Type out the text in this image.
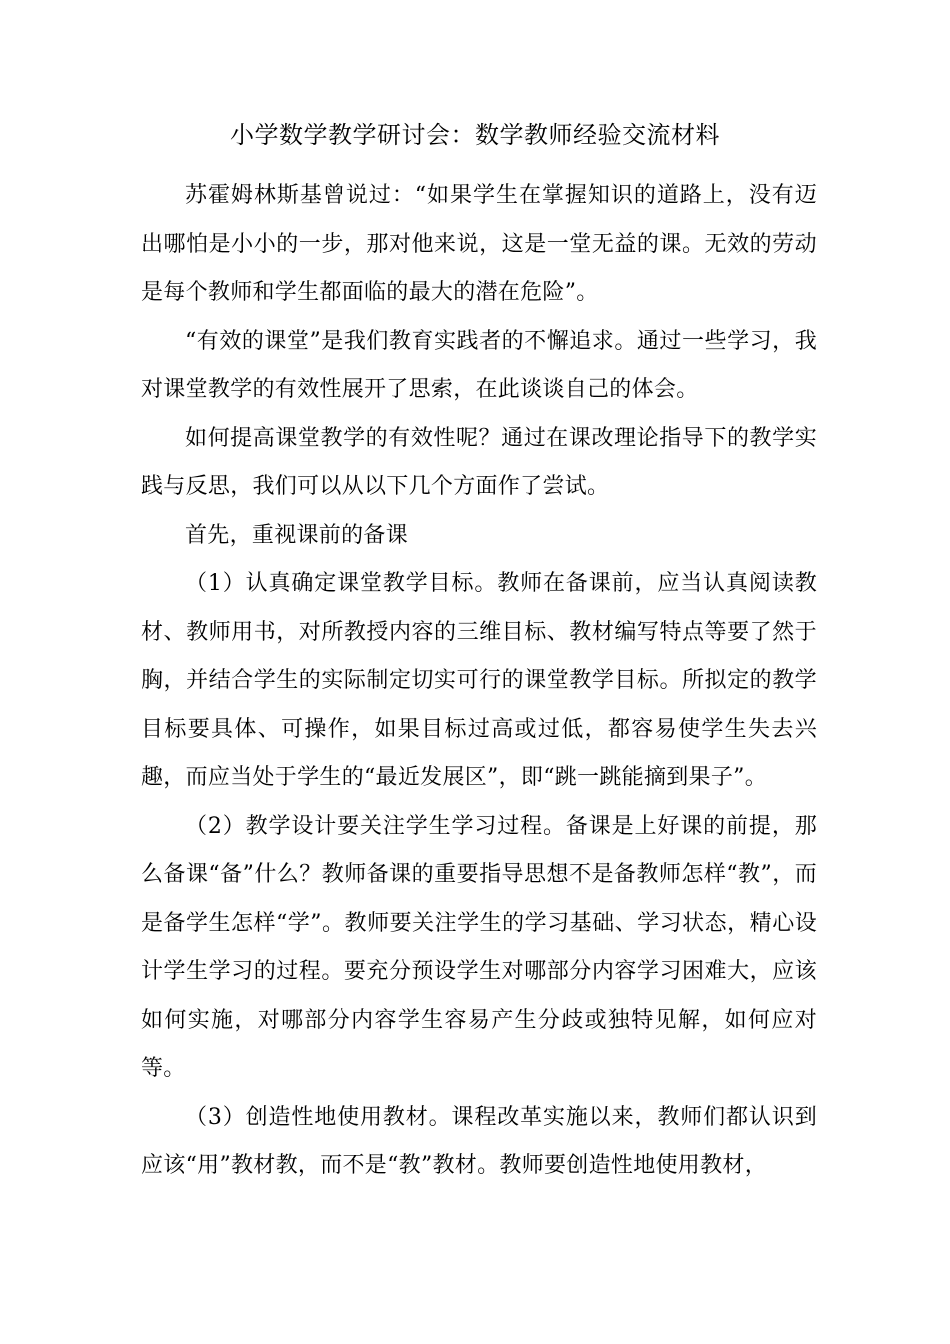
小学数学教学研讨会：数学教师经验交流材料

苏霍姆林斯基曾说过：“如果学生在掌握知识的道路上，没有迈出哪怕是小小的一步，那对他来说，这是一堂无益的课。无效的劳动是每个教师和学生都面临的最大的潜在危险”。

“有效的课堂”是我们教育实践者的不懈追求。通过一些学习，我对课堂教学的有效性展开了思索，在此谈谈自己的体会。

如何提高课堂教学的有效性呢？通过在课改理论指导下的教学实践与反思，我们可以从以下几个方面作了尝试。

首先，重视课前的备课

（1）认真确定课堂教学目标。教师在备课前，应当认真阅读教材、教师用书，对所教授内容的三维目标、教材编写特点等要了然于胸，并结合学生的实际制定切实可行的课堂教学目标。所拟定的教学目标要具体、可操作，如果目标过高或过低，都容易使学生失去兴趣，而应当处于学生的“最近发展区”，即“跳一跳能摘到果子”。

（2）教学设计要关注学生学习过程。备课是上好课的前提，那么备课“备”什么？教师备课的重要指导思想不是备教师怎样“教”，而是备学生怎样“学”。教师要关注学生的学习基础、学习状态，精心设计学生学习的过程。要充分预设学生对哪部分内容学习困难大，应该如何实施，对哪部分内容学生容易产生分歧或独特见解，如何应对等。

（3）创造性地使用教材。课程改革实施以来，教师们都认识到应该“用”教材教，而不是“教”教材。教师要创造性地使用教材，
